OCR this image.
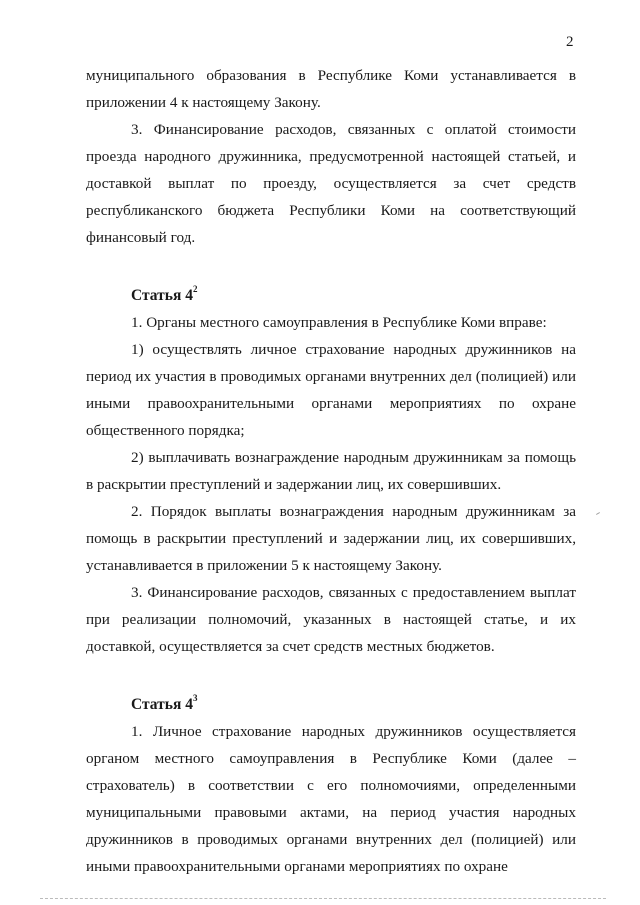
2

муниципального образования в Республике Коми устанавливается в приложении 4 к настоящему Закону.

3. Финансирование расходов, связанных с оплатой стоимости проезда народного дружинника, предусмотренной настоящей статьей, и доставкой выплат по проезду, осуществляется за счет средств республиканского бюджета Республики Коми на соответствующий финансовый год.

Статья $4^2$

1. Органы местного самоуправления в Республике Коми вправе:

1) осуществлять личное страхование народных дружинников на период их участия в проводимых органами внутренних дел (полицией) или иными правоохранительными органами мероприятиях по охране общественного порядка;

2) выплачивать вознаграждение народным дружинникам за помощь в раскрытии преступлений и задержании лиц, их совершивших.

2. Порядок выплаты вознаграждения народным дружинникам за помощь в раскрытии преступлений и задержании лиц, их совершивших, устанавливается в приложении 5 к настоящему Закону.

3. Финансирование расходов, связанных с предоставлением выплат при реализации полномочий, указанных в настоящей статье, и их доставкой, осуществляется за счет средств местных бюджетов.

Статья $4^3$

1. Личное страхование народных дружинников осуществляется органом местного самоуправления в Республике Коми (далее – страхователь) в соответствии с его полномочиями, определенными муниципальными правовыми актами, на период участия народных дружинников в проводимых органами внутренних дел (полицией) или иными правоохранительными органами мероприятиях по охране
